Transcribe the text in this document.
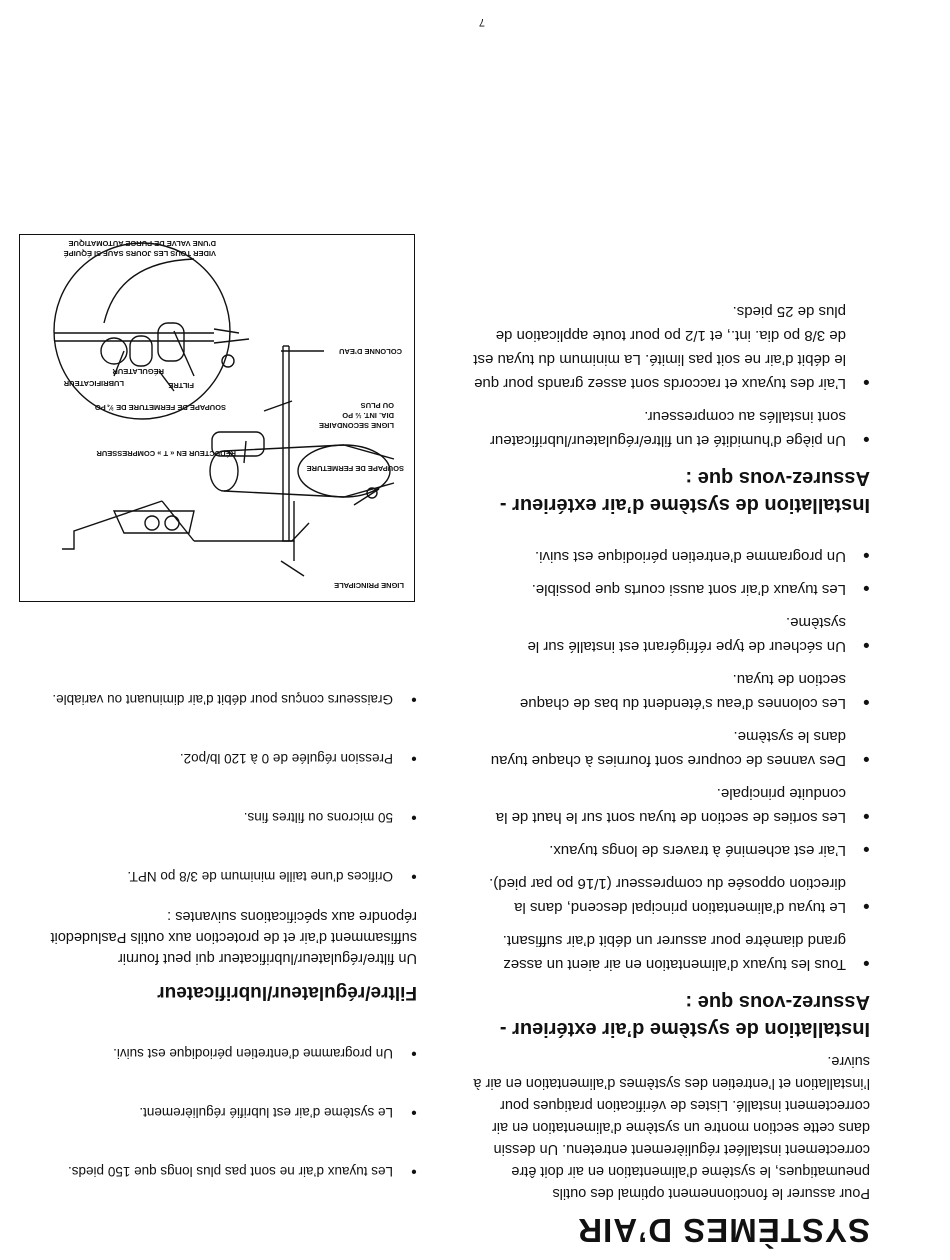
SYSTÈMES D’AIR

Pour assurer le fonctionnement optimal des outils pneumatiques, le système d’alimentation en air doit être correctement installéet régulièrement entretenu. Un dessin dans cette section montre un système d’alimentation en air correctement installé. Listes de vérification pratiques pour l’installation et l’entretien des systèmes d’alimentation en air à suivre.

Installation de système d’air extérieur - Assurez-vous que :
● Tous les tuyaux d’alimentation en air aient un assez grand diamètre pour assurer un débit d’air suffisant.
● Le tuyau d’alimentation principal descend, dans la direction opposée du compresseur (1/16 po par pied).
● L’air est acheminé à travers de longs tuyaux.
● Les sorties de section de tuyau sont sur le haut de la conduite principale.
● Des vannes de coupure sont fournies à chaque tuyau dans le système.
● Les colonnes d’eau s’étendent du bas de chaque section de tuyau.
● Un sécheur de type réfrigérant est installé sur le système.
● Les tuyaux d’air sont aussi courts que possible.
● Un programme d’entretien périodique est suivi.
Installation de système d’air extérieur -Assurez-vous que :
● Un piège d’humidité et un filtre/régulateur/lubrificateur sont installés au compresseur.
● L’air des tuyaux et raccords sont assez grands pour que le débit d’air ne soit pas limité. La minimum du tuyau est de 3/8 po dia. int., et 1/2 po pour toute application de plus de 25 pieds.
● Les tuyaux d’air ne sont pas plus longs que 150 pieds.
● Le système d’air est lubrifié régulièrement.
● Un programme d’entretien périodique est suivi.
Filtre/régulateur/lubrificateur

Un filtre/régulateur/lubrificateur qui peut fournir suffisamment d’air et de protection aux outils Pasludedoit répondre aux spécifications suivantes :

● Orifices d’une taille minimum de 3/8 po NPT.
● 50 microns ou filtres fins.
● Pression régulée de 0 à 120 lb/po2.
● Graisseurs conçus pour débit d’air diminuant ou variable.
LIGNE PRINCIPALE
SOUPAPE DE FERMETURE
LIGNE SECONDAIRE
DIA. INT. ½ PO
OU PLUS
COLONNE D’EAU
RÉDUCTEUR EN « T » COMPRESSEUR
SOUPAPE DE FERMETURE DE ¾ PO
FILTRE
RÉGULATEUR
LUBRIFICATEUR
VIDER TOUS LES JOURS SAUF SI ÉQUIPÉ
D’UNE VALVE DE PURGE AUTOMATIQUE
7
